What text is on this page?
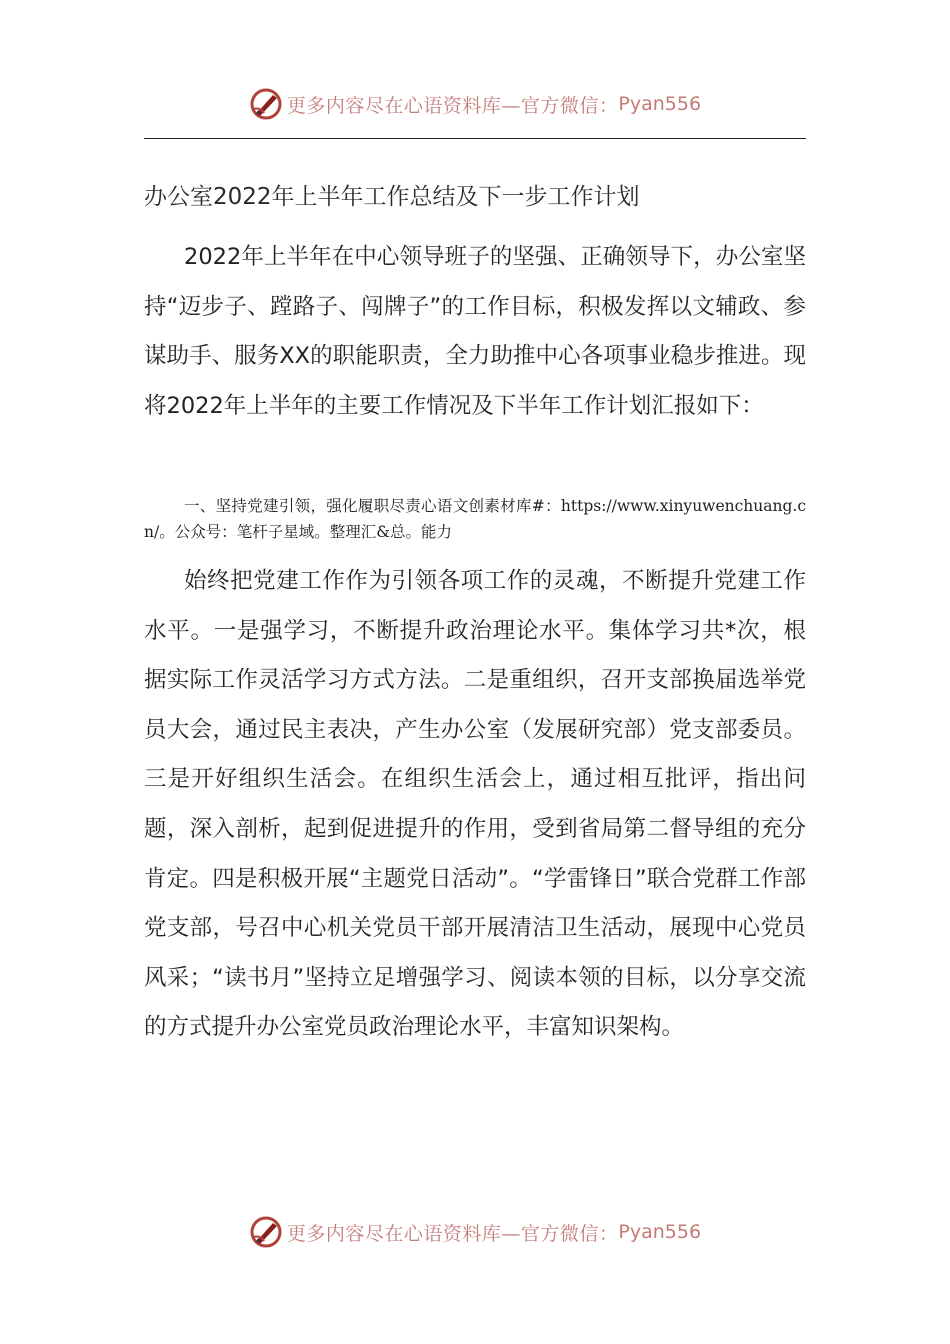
更多内容尽在心语资料库—官方微信： Pyan556
办公室2022年上半年工作总结及下一步工作计划

2022年上半年在中心领导班子的坚强、正确领导下，办公室坚持“迈步子、蹚路子、闯牌子”的工作目标，积极发挥以文辅政、参谋助手、服务XX的职能职责，全力助推中心各项事业稳步推进。现将2022年上半年的主要工作情况及下半年工作计划汇报如下：

一、坚持党建引领，强化履职尽责心语文创素材库#：https://www.xinyuwenchuang.cn/。公众号：笔杆子星域。整理汇&总。能力

始终把党建工作作为引领各项工作的灵魂，不断提升党建工作水平。一是强学习，不断提升政治理论水平。集体学习共*次，根据实际工作灵活学习方式方法。二是重组织，召开支部换届选举党员大会，通过民主表决，产生办公室（发展研究部）党支部委员。三是开好组织生活会。在组织生活会上，通过相互批评，指出问题，深入剖析，起到促进提升的作用，受到省局第二督导组的充分肯定。四是积极开展“主题党日活动”。“学雷锋日”联合党群工作部党支部，号召中心机关党员干部开展清洁卫生活动，展现中心党员风采；“读书月”坚持立足增强学习、阅读本领的目标，以分享交流的方式提升办公室党员政治理论水平，丰富知识架构。

更多内容尽在心语资料库—官方微信： Pyan556
